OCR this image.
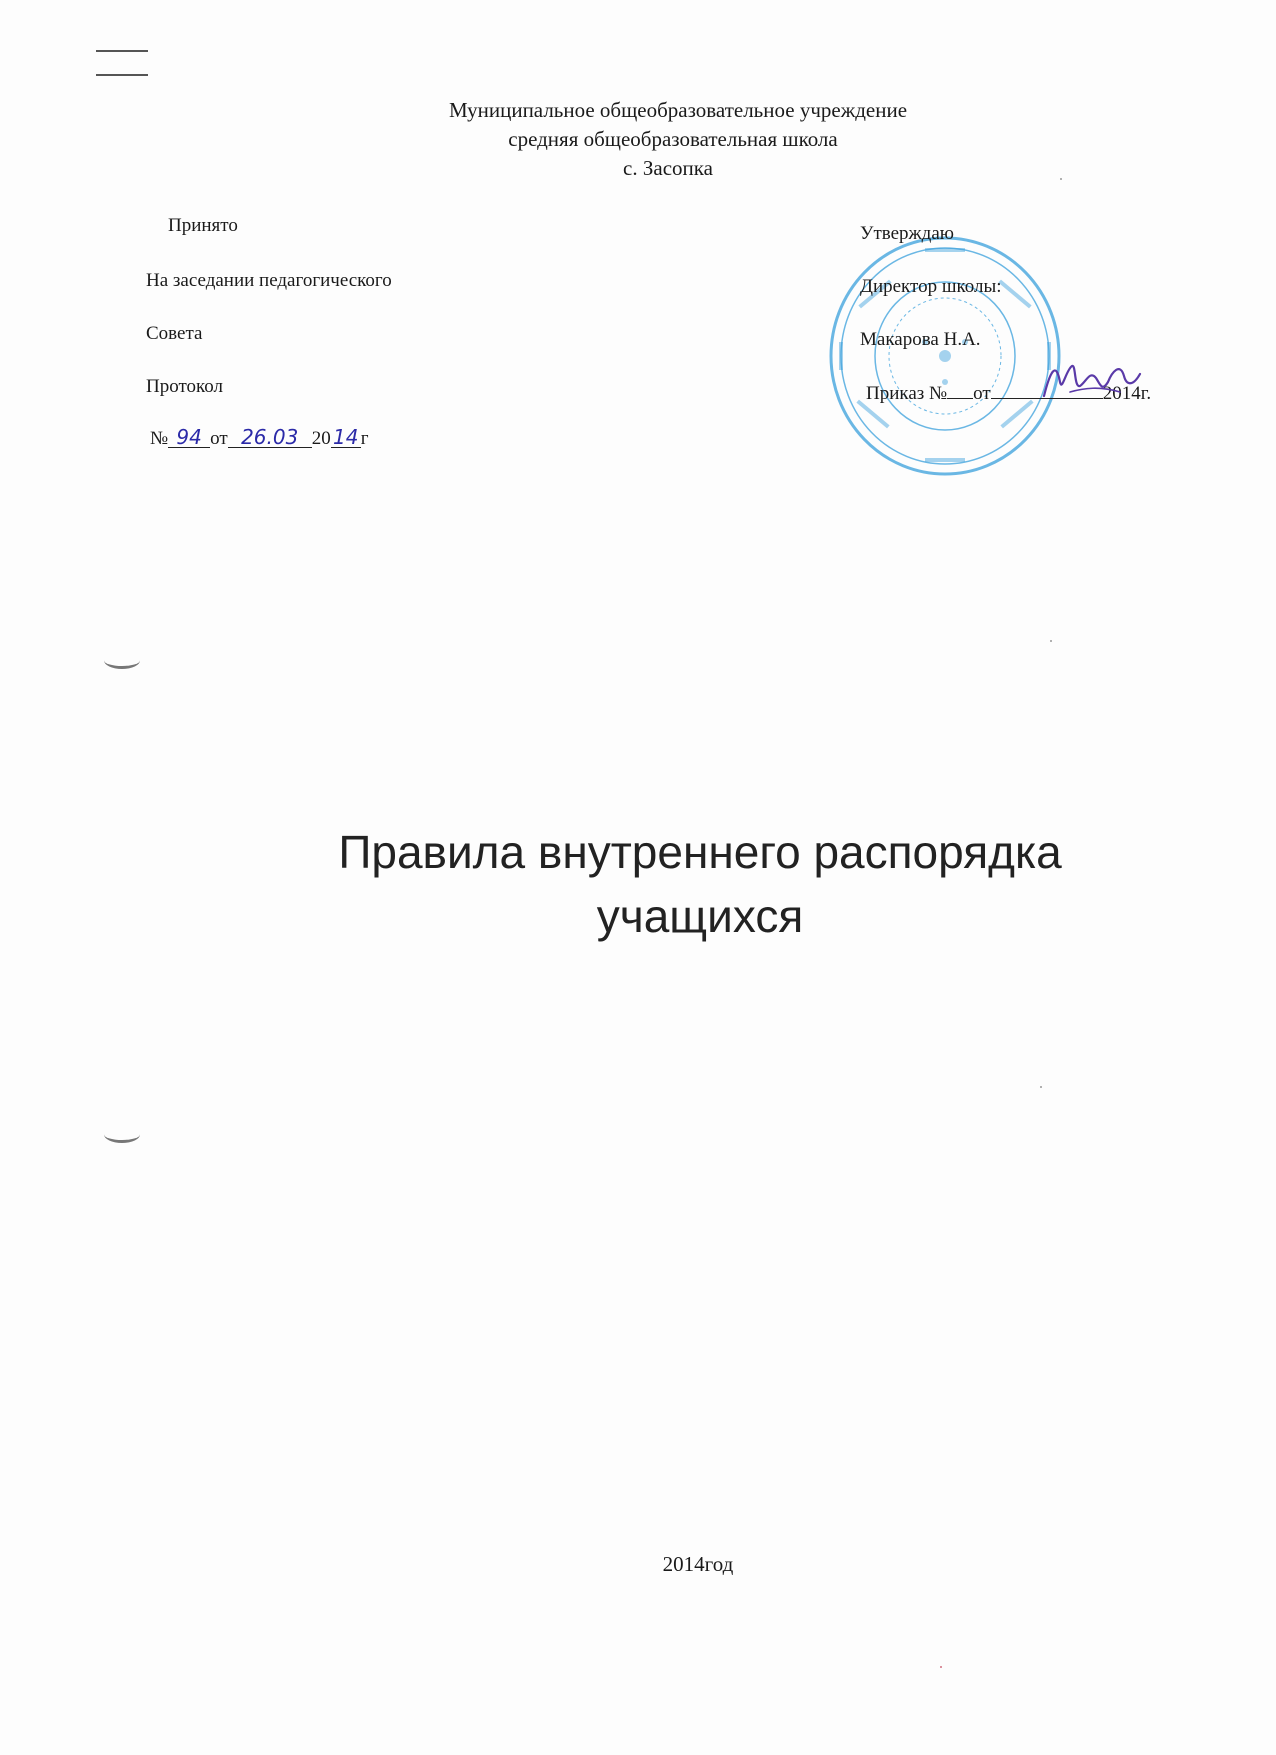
Муниципальное общеобразовательное учреждение
средняя общеобразовательная школа
с. Засопка
Принято
На заседании педагогического
Совета
Протокол
№ 94 от 26.03 20 14 г
Утверждаю
Директор школы:
Макарова Н.А.
Приказ № от	2014г.
Правила внутреннего распорядка
учащихся
2014год
